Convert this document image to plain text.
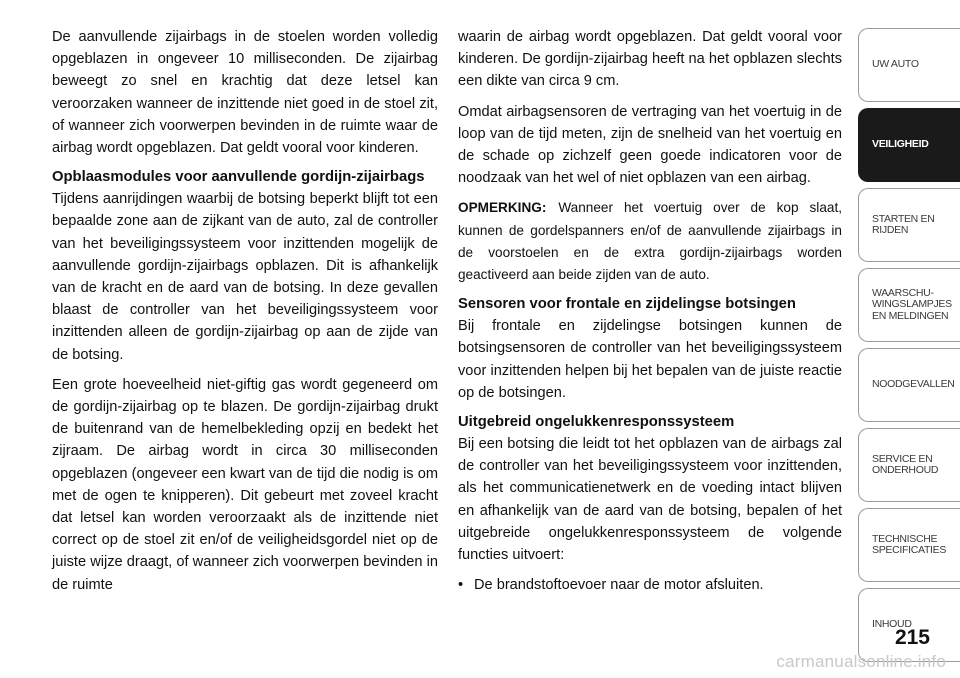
De aanvullende zijairbags in de stoelen worden volledig opgeblazen in ongeveer 10 milliseconden. De zijairbag beweegt zo snel en krachtig dat deze letsel kan veroorzaken wanneer de inzittende niet goed in de stoel zit, of wanneer zich voorwerpen bevinden in de ruimte waar de airbag wordt opgeblazen. Dat geldt vooral voor kinderen.

Opblaasmodules voor aanvullende gordijn-zijairbags

Tijdens aanrijdingen waarbij de botsing beperkt blijft tot een bepaalde zone aan de zijkant van de auto, zal de controller van het beveiligingssysteem voor inzittenden mogelijk de aanvullende gordijn-zijairbags opblazen. Dit is afhankelijk van de kracht en de aard van de botsing. In deze gevallen blaast de controller van het beveiligingssysteem voor inzittenden alleen de gordijn-zijairbag op aan de zijde van de botsing.

Een grote hoeveelheid niet-giftig gas wordt gegeneerd om de gordijn-zijairbag op te blazen. De gordijn-zijairbag drukt de buitenrand van de hemelbekleding opzij en bedekt het zijraam. De airbag wordt in circa 30 milliseconden opgeblazen (ongeveer een kwart van de tijd die nodig is om met de ogen te knipperen). Dit gebeurt met zoveel kracht dat letsel kan worden veroorzaakt als de inzittende niet correct op de stoel zit en/of de veiligheidsgordel niet op de juiste wijze draagt, of wanneer zich voorwerpen bevinden in de ruimte

waarin de airbag wordt opgeblazen. Dat geldt vooral voor kinderen. De gordijn-zijairbag heeft na het opblazen slechts een dikte van circa 9 cm.

Omdat airbagsensoren de vertraging van het voertuig in de loop van de tijd meten, zijn de snelheid van het voertuig en de schade op zichzelf geen goede indicatoren voor de noodzaak van het wel of niet opblazen van een airbag.

OPMERKING: Wanneer het voertuig over de kop slaat, kunnen de gordelspanners en/of de aanvullende zijairbags in de voorstoelen en de extra gordijn-zijairbags worden geactiveerd aan beide zijden van de auto.

Sensoren voor frontale en zijdelingse botsingen

Bij frontale en zijdelingse botsingen kunnen de botsingsensoren de controller van het beveiligingssysteem voor inzittenden helpen bij het bepalen van de juiste reactie op de botsingen.

Uitgebreid ongelukkenresponssysteem

Bij een botsing die leidt tot het opblazen van de airbags zal de controller van het beveiligingssysteem voor inzittenden, als het communicatienetwerk en de voeding intact blijven en afhankelijk van de aard van de botsing, bepalen of het uitgebreide ongelukkenresponssysteem de volgende functies uitvoert:

• De brandstoftoevoer naar de motor afsluiten.
UW AUTO
VEILIGHEID
STARTEN EN
RIJDEN
WAARSCHU-
WINGSLAMPJES
EN MELDINGEN
NOODGEVALLEN
SERVICE EN
ONDERHOUD
TECHNISCHE
SPECIFICATIES
INHOUD
215
carmanualsonline.info
